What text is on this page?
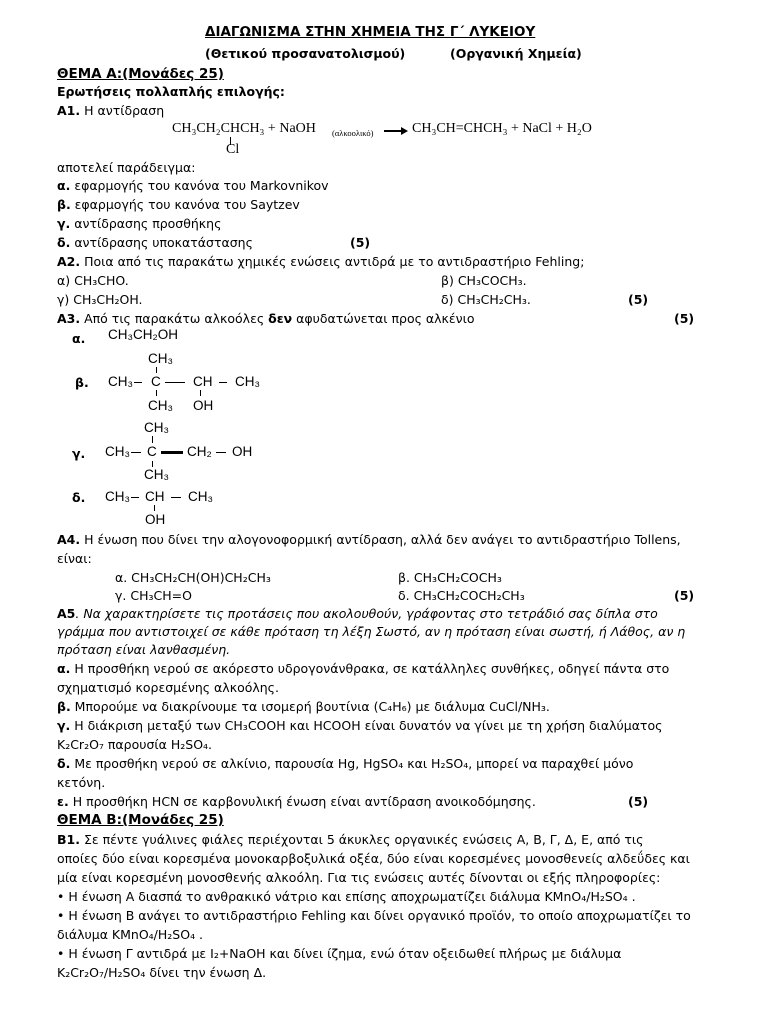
ΔΙΑΓΩΝΙΣΜΑ ΣΤΗΝ ΧΗΜΕΙΑ ΤΗΣ Γ΄ ΛΥΚΕΙΟΥ
(Θετικού προσανατολισμού)	(Οργανική Χημεία)
ΘΕΜΑ Α:(Μονάδες 25)
Ερωτήσεις πολλαπλής επιλογής:
Α1. Η αντίδραση
CH₃CH₂CHCH₃ + NaOH (αλκοολικό)	CH₃CH=CHCH₃ + NaCl + H₂O
Cl
αποτελεί παράδειγμα:
α. εφαρμογής του κανόνα του Markovnikov
β. εφαρμογής του κανόνα του Saytzev
γ. αντίδρασης προσθήκης
δ. αντίδρασης υποκατάστασης	(5)
Α2. Ποια από τις παρακάτω χημικές ενώσεις αντιδρά με το αντιδραστήριο Fehling;
α) CH₃CHO.	β) CH₃COCH₃.
γ) CH₃CH₂OH.	δ) CH₃CH₂CH₃.	(5)
Α3. Από τις παρακάτω αλκοόλες δεν αφυδατώνεται προς αλκένιο	(5)
α. CH₃CH₂OH
CH₃
β. CH₃ C CH CH₃
CH₃ OH
CH₃
γ. CH₃ C CH₂ OH
CH₃
δ. CH₃ CH CH₃
OH
Α4. Η ένωση που δίνει την αλογονοφορμική αντίδραση, αλλά δεν ανάγει το αντιδραστήριο Tollens,
είναι:
α. CH₃CH₂CH(OH)CH₂CH₃	β. CH₃CH₂COCH₃
γ. CH₃CH=O	δ. CH₃CH₂COCH₂CH₃	(5)
Α5. Να χαρακτηρίσετε τις προτάσεις που ακολουθούν, γράφοντας στο τετράδιό σας δίπλα στο
γράμμα που αντιστοιχεί σε κάθε πρόταση τη λέξη Σωστό, αν η πρόταση είναι σωστή, ή Λάθος, αν η
πρόταση είναι λανθασμένη.
α. Η προσθήκη νερού σε ακόρεστο υδρογονάνθρακα, σε κατάλληλες συνθήκες, οδηγεί πάντα στο
σχηματισμό κορεσμένης αλκοόλης.
β. Μπορούμε να διακρίνουμε τα ισομερή βουτίνια (C₄H₆) με διάλυμα CuCl/NH₃.
γ. Η διάκριση μεταξύ των CH₃COOH και HCOOH είναι δυνατόν να γίνει με τη χρήση διαλύματος
K₂Cr₂O₇ παρουσία H₂SO₄.
δ. Με προσθήκη νερού σε αλκίνιο, παρουσία Hg, HgSO₄ και H₂SO₄, μπορεί να παραχθεί μόνο
κετόνη.
ε. Η προσθήκη HCN σε καρβονυλική ένωση είναι αντίδραση ανοικοδόμησης.	(5)
ΘΕΜΑ Β:(Μονάδες 25)
Β1. Σε πέντε γυάλινες φιάλες περιέχονται 5 άκυκλες οργανικές ενώσεις Α, Β, Γ, Δ, Ε, από τις
οποίες δύο είναι κορεσμένα μονοκαρβοξυλικά οξέα, δύο είναι κορεσμένες μονοσθενείς αλδεΰδες και
μία είναι κορεσμένη μονοσθενής αλκοόλη. Για τις ενώσεις αυτές δίνονται οι εξής πληροφορίες:
• Η ένωση Α διασπά το ανθρακικό νάτριο και επίσης αποχρωματίζει διάλυμα KMnO₄/H₂SO₄ .
• Η ένωση Β ανάγει το αντιδραστήριο Fehling και δίνει οργανικό προϊόν, το οποίο αποχρωματίζει το
διάλυμα KMnO₄/H₂SO₄ .
• Η ένωση Γ αντιδρά με I₂+NaOH και δίνει ίζημα, ενώ όταν οξειδωθεί πλήρως με διάλυμα
K₂Cr₂O₇/H₂SO₄ δίνει την ένωση Δ.
